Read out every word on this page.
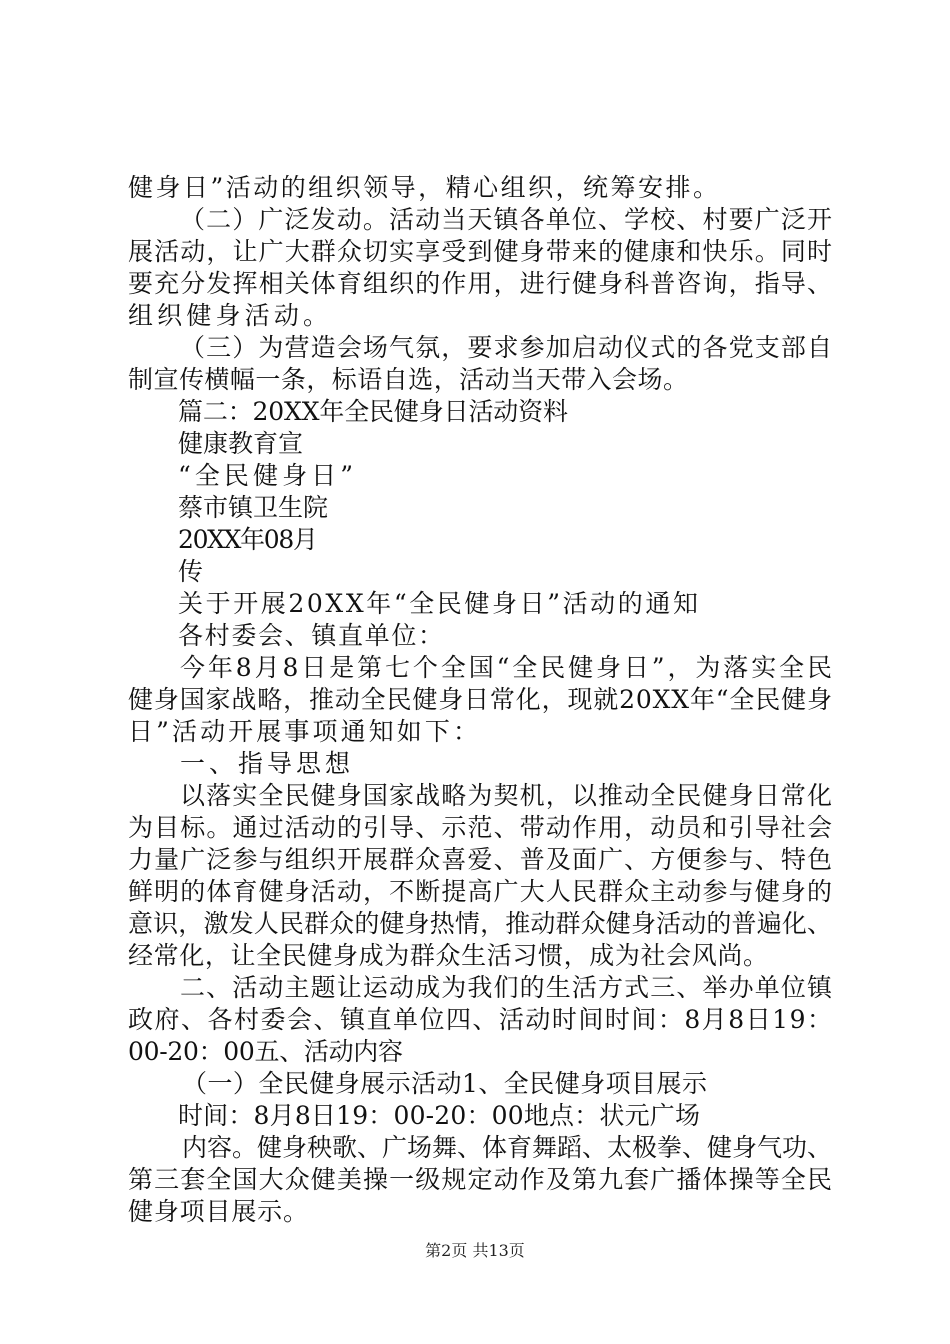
健身日”活动的组织领导，精心组织，统筹安排。
（二）广泛发动。活动当天镇各单位、学校、村要广泛开
展活动，让广大群众切实享受到健身带来的健康和快乐。同时
要充分发挥相关体育组织的作用，进行健身科普咨询，指导、
组织健身活动。
（三）为营造会场气氛，要求参加启动仪式的各党支部自
制宣传横幅一条，标语自选，活动当天带入会场。
篇二：20XX年全民健身日活动资料
健康教育宣
“全民健身日”
蔡市镇卫生院
20XX年08月
传
关于开展20XX年“全民健身日”活动的通知
各村委会、镇直单位：
今年8月8日是第七个全国“全民健身日”，为落实全民
健身国家战略，推动全民健身日常化，现就20XX年“全民健身
日”活动开展事项通知如下：
一、指导思想
以落实全民健身国家战略为契机，以推动全民健身日常化
为目标。通过活动的引导、示范、带动作用，动员和引导社会
力量广泛参与组织开展群众喜爱、普及面广、方便参与、特色
鲜明的体育健身活动，不断提高广大人民群众主动参与健身的
意识，激发人民群众的健身热情，推动群众健身活动的普遍化、
经常化，让全民健身成为群众生活习惯，成为社会风尚。
二、活动主题让运动成为我们的生活方式三、举办单位镇
政府、各村委会、镇直单位四、活动时间时间：8月8日19：
00-20：00五、活动内容
（一）全民健身展示活动1、全民健身项目展示
时间：8月8日19：00-20：00地点：状元广场
内容。健身秧歌、广场舞、体育舞蹈、太极拳、健身气功、
第三套全国大众健美操一级规定动作及第九套广播体操等全民
健身项目展示。
第2页 共13页
